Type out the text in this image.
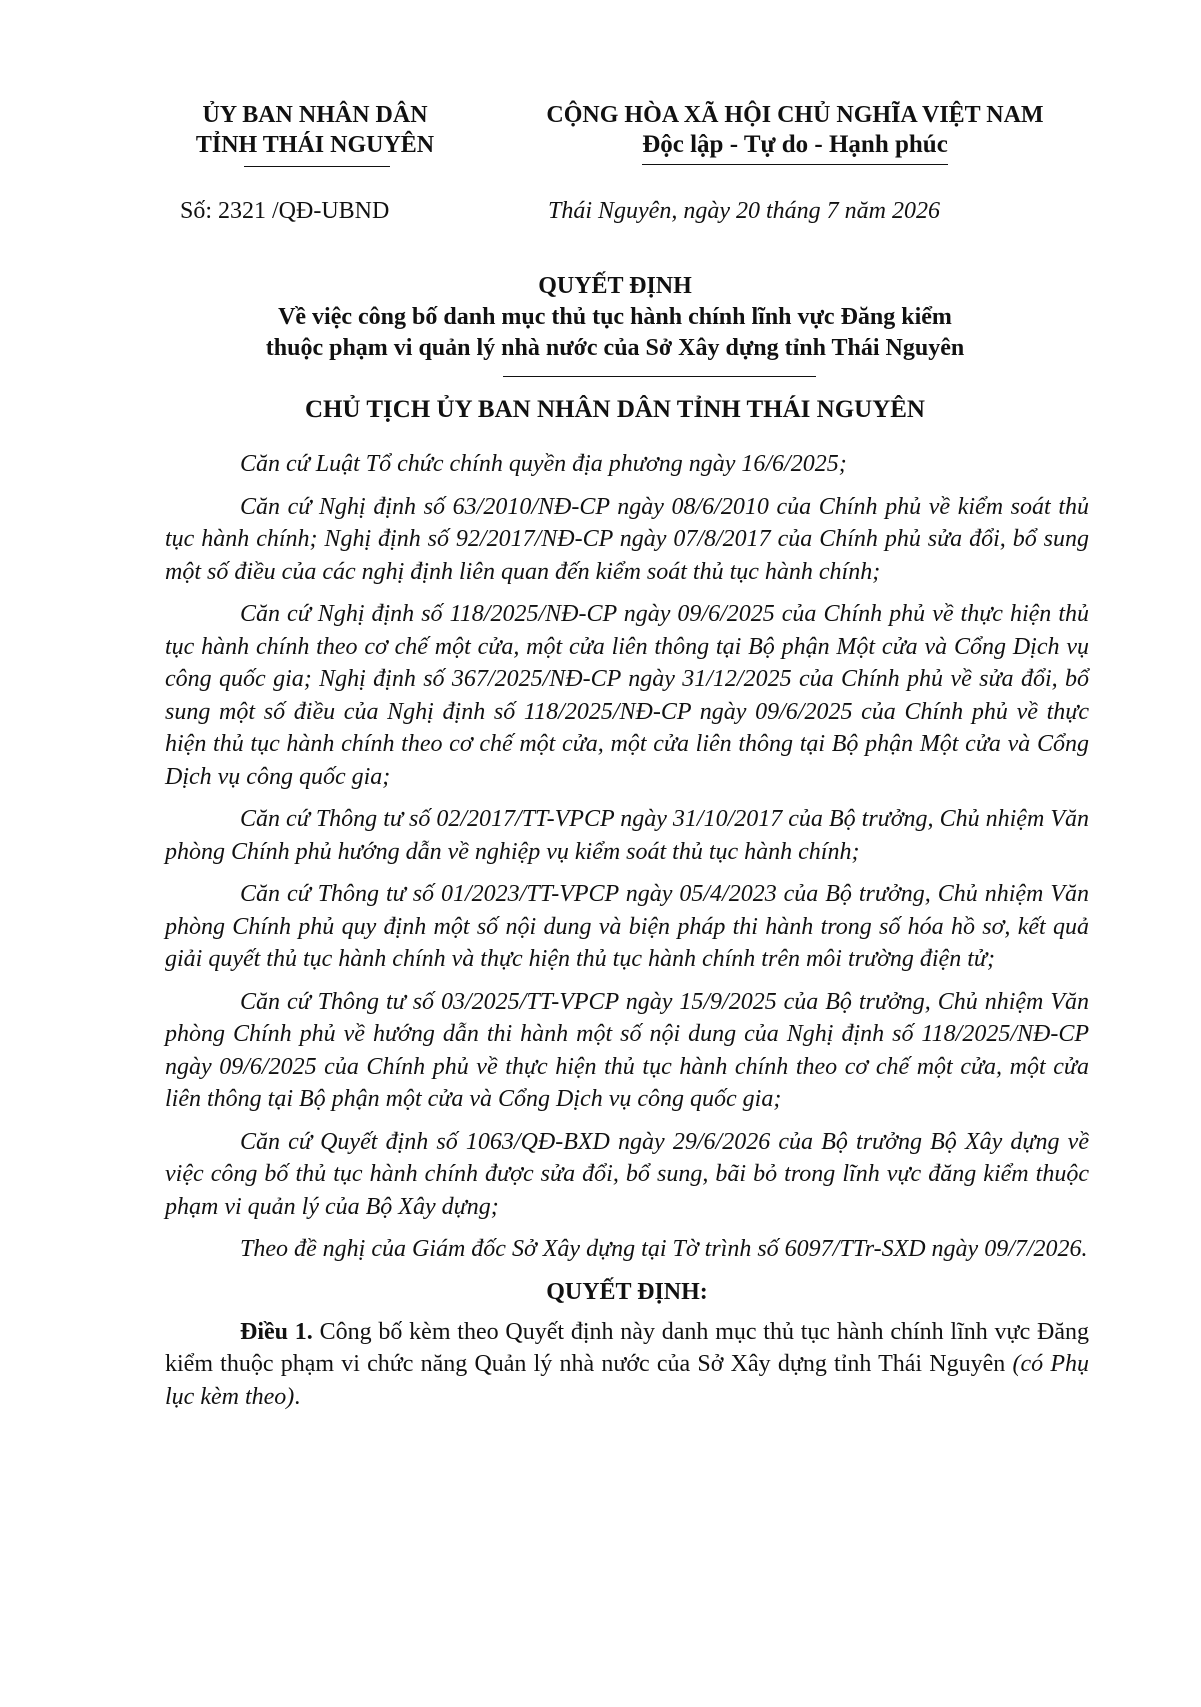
ỦY BAN NHÂN DÂN
TỈNH THÁI NGUYÊN
CỘNG HÒA XÃ HỘI CHỦ NGHĨA VIỆT NAM
Độc lập - Tự do - Hạnh phúc
Số: 2321 /QĐ-UBND	Thái Nguyên, ngày 20 tháng 7 năm 2026
QUYẾT ĐỊNH
Về việc công bố danh mục thủ tục hành chính lĩnh vực Đăng kiểm
thuộc phạm vi quản lý nhà nước của Sở Xây dựng tỉnh Thái Nguyên
CHỦ TỊCH ỦY BAN NHÂN DÂN TỈNH THÁI NGUYÊN

Căn cứ Luật Tổ chức chính quyền địa phương ngày 16/6/2025;

Căn cứ Nghị định số 63/2010/NĐ-CP ngày 08/6/2010 của Chính phủ về kiểm soát thủ tục hành chính; Nghị định số 92/2017/NĐ-CP ngày 07/8/2017 của Chính phủ sửa đổi, bổ sung một số điều của các nghị định liên quan đến kiểm soát thủ tục hành chính;

Căn cứ Nghị định số 118/2025/NĐ-CP ngày 09/6/2025 của Chính phủ về thực hiện thủ tục hành chính theo cơ chế một cửa, một cửa liên thông tại Bộ phận Một cửa và Cổng Dịch vụ công quốc gia; Nghị định số 367/2025/NĐ-CP ngày 31/12/2025 của Chính phủ về sửa đổi, bổ sung một số điều của Nghị định số 118/2025/NĐ-CP ngày 09/6/2025 của Chính phủ về thực hiện thủ tục hành chính theo cơ chế một cửa, một cửa liên thông tại Bộ phận Một cửa và Cổng Dịch vụ công quốc gia;

Căn cứ Thông tư số 02/2017/TT-VPCP ngày 31/10/2017 của Bộ trưởng, Chủ nhiệm Văn phòng Chính phủ hướng dẫn về nghiệp vụ kiểm soát thủ tục hành chính;

Căn cứ Thông tư số 01/2023/TT-VPCP ngày 05/4/2023 của Bộ trưởng, Chủ nhiệm Văn phòng Chính phủ quy định một số nội dung và biện pháp thi hành trong số hóa hồ sơ, kết quả giải quyết thủ tục hành chính và thực hiện thủ tục hành chính trên môi trường điện tử;

Căn cứ Thông tư số 03/2025/TT-VPCP ngày 15/9/2025 của Bộ trưởng, Chủ nhiệm Văn phòng Chính phủ về hướng dẫn thi hành một số nội dung của Nghị định số 118/2025/NĐ-CP ngày 09/6/2025 của Chính phủ về thực hiện thủ tục hành chính theo cơ chế một cửa, một cửa liên thông tại Bộ phận một cửa và Cổng Dịch vụ công quốc gia;

Căn cứ Quyết định số 1063/QĐ-BXD ngày 29/6/2026 của Bộ trưởng Bộ Xây dựng về việc công bố thủ tục hành chính được sửa đổi, bổ sung, bãi bỏ trong lĩnh vực đăng kiểm thuộc phạm vi quản lý của Bộ Xây dựng;

Theo đề nghị của Giám đốc Sở Xây dựng tại Tờ trình số 6097/TTr-SXD ngày 09/7/2026.

QUYẾT ĐỊNH:

Điều 1. Công bố kèm theo Quyết định này danh mục thủ tục hành chính lĩnh vực Đăng kiểm thuộc phạm vi chức năng Quản lý nhà nước của Sở Xây dựng tỉnh Thái Nguyên (có Phụ lục kèm theo).
